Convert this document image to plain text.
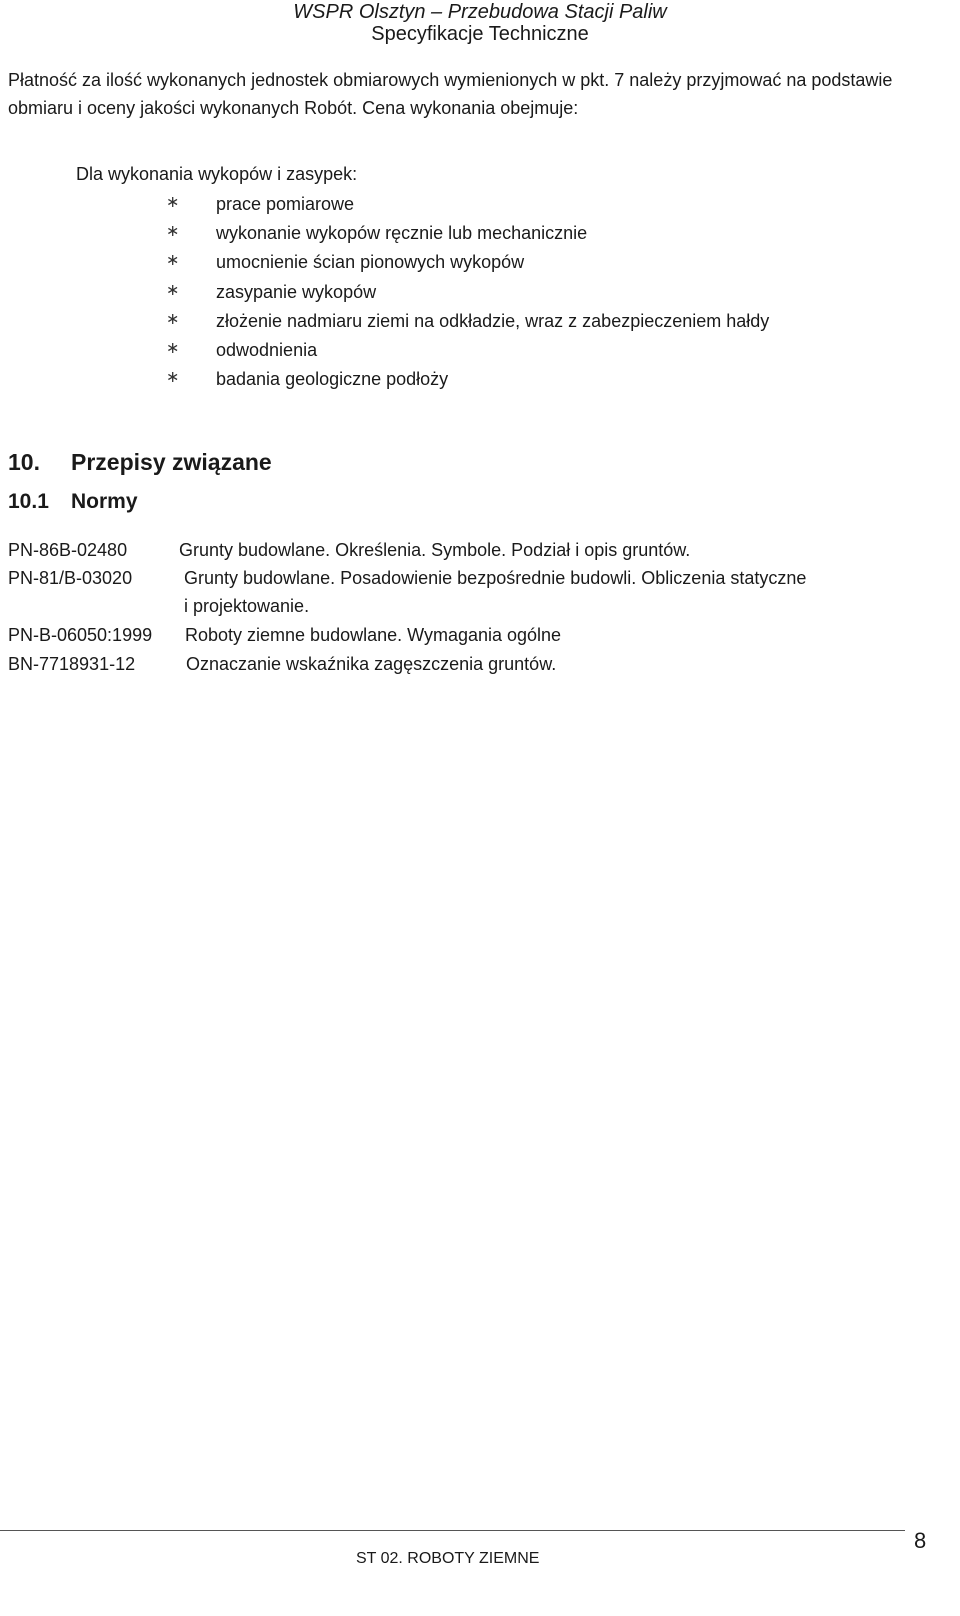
WSPR Olsztyn – Przebudowa Stacji Paliw
Specyfikacje Techniczne

Płatność za ilość wykonanych jednostek obmiarowych wymienionych w pkt. 7 należy przyjmować na podstawie obmiaru i oceny jakości wykonanych Robót. Cena wykonania obejmuje:

Dla wykonania wykopów i zasypek:
∗ prace pomiarowe
∗ wykonanie wykopów ręcznie lub mechanicznie
∗ umocnienie ścian pionowych wykopów
∗ zasypanie wykopów
∗ złożenie nadmiaru ziemi na odkładzie, wraz z zabezpieczeniem hałdy
∗ odwodnienia
∗ badania geologiczne podłoży
10. Przepisy związane
10.1 Normy
PN-86B-02480	Grunty budowlane. Określenia. Symbole. Podział i opis gruntów.
PN-81/B-03020	Grunty budowlane. Posadowienie bezpośrednie budowli. Obliczenia statyczne
i projektowanie.
PN-B-06050:1999 Roboty ziemne budowlane. Wymagania ogólne
BN-7718931-12	Oznaczanie wskaźnika zagęszczenia gruntów.
ST 02. ROBOTY ZIEMNE
8
